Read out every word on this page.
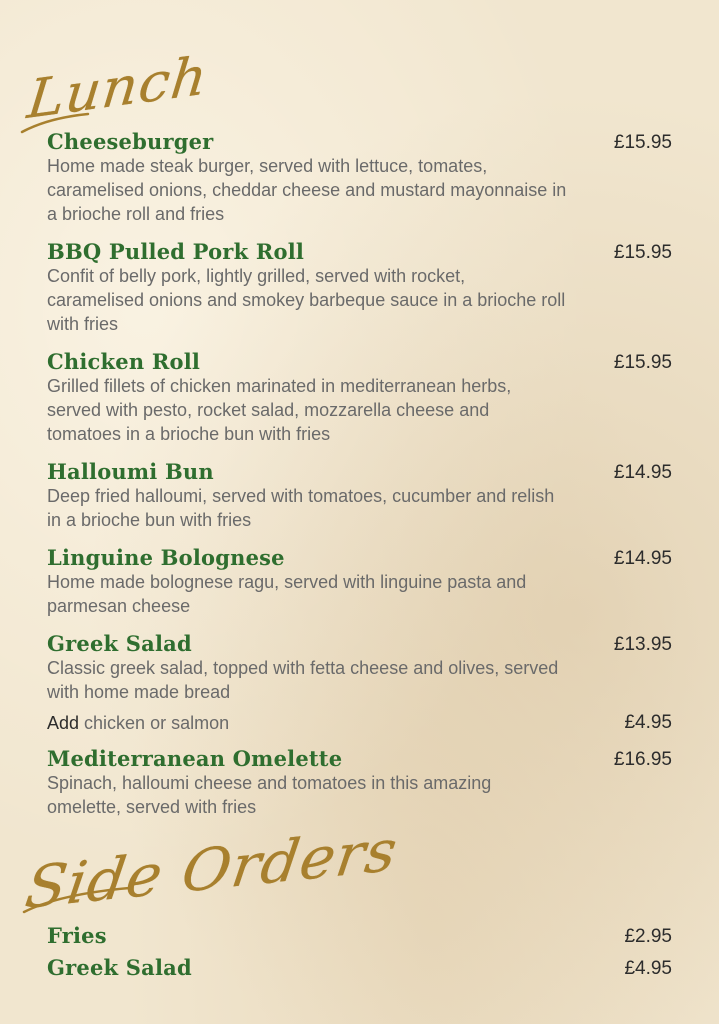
Lunch
Cheeseburger	£15.95
Home made steak burger, served with lettuce, tomates, caramelised onions, cheddar cheese and mustard mayonnaise in a brioche roll and fries
BBQ Pulled Pork Roll	£15.95
Confit of belly pork, lightly grilled, served with rocket, caramelised onions and smokey barbeque sauce in a brioche roll with fries
Chicken Roll	£15.95
Grilled fillets of chicken marinated in mediterranean herbs, served with pesto, rocket salad, mozzarella cheese and tomatoes in a brioche bun with fries
Halloumi Bun	£14.95
Deep fried halloumi, served with tomatoes, cucumber and relish in a brioche bun with fries
Linguine Bolognese	£14.95
Home made bolognese ragu, served with linguine pasta and parmesan cheese
Greek Salad	£13.95
Classic greek salad, topped with fetta cheese and olives, served with home made bread
Add chicken or salmon	£4.95
Mediterranean Omelette	£16.95
Spinach, halloumi cheese and tomatoes in this amazing omelette, served with fries
Side Orders
Fries	£2.95
Greek Salad	£4.95
